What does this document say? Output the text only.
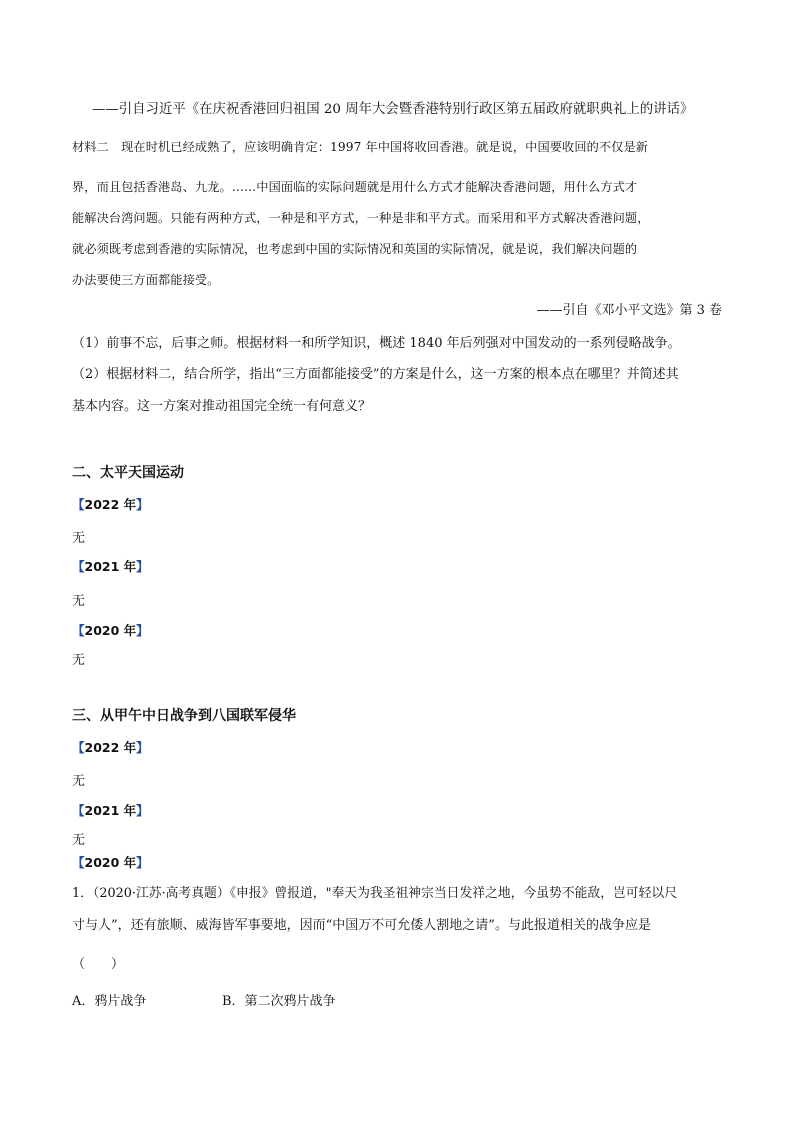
——引自习近平《在庆祝香港回归祖国 20 周年大会暨香港特别行政区第五届政府就职典礼上的讲话》
材料二　现在时机已经成熟了，应该明确肯定：1997 年中国将收回香港。就是说，中国要收回的不仅是新
界，而且包括香港岛、九龙。……中国面临的实际问题就是用什么方式才能解决香港问题，用什么方式才
能解决台湾问题。只能有两种方式，一种是和平方式，一种是非和平方式。而采用和平方式解决香港问题，
就必须既考虑到香港的实际情况，也考虑到中国的实际情况和英国的实际情况，就是说，我们解决问题的
办法要使三方面都能接受。
——引自《邓小平文选》第 3 卷
（1）前事不忘，后事之师。根据材料一和所学知识，概述 1840 年后列强对中国发动的一系列侵略战争。
（2）根据材料二，结合所学，指出“三方面都能接受”的方案是什么，这一方案的根本点在哪里？并简述其
基本内容。这一方案对推动祖国完全统一有何意义？
二、太平天国运动
【2022 年】
无
【2021 年】
无
【2020 年】
无
三、从甲午中日战争到八国联军侵华
【2022 年】
无
【2021 年】
无
【2020 年】
1．（2020·江苏·高考真题）《申报》曾报道，"奉天为我圣祖神宗当日发祥之地，今虽势不能敌，岂可轻以尺
寸与人”，还有旅顺、威海皆军事要地，因而“中国万不可允倭人割地之请”。与此报道相关的战争应是
（　　）
A．鸦片战争	B．第二次鸦片战争
